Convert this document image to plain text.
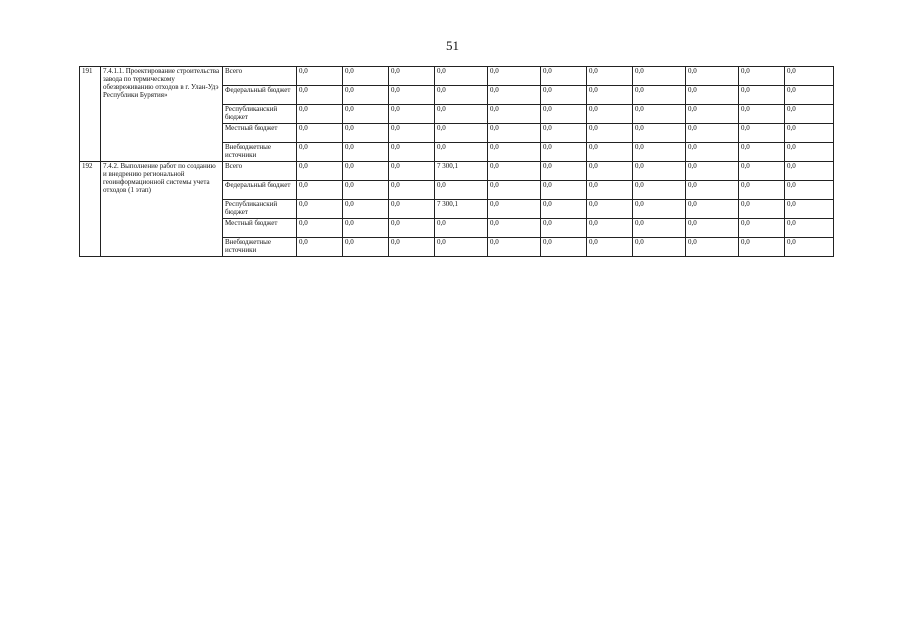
51
191	7.4.1.1. Проектирование строительства завода по термическому обезвреживанию отходов в г. Улан-Удэ Республики Бурятия»	Всего	0,0	0,0	0,0	0,0	0,0	0,0	0,0	0,0	0,0	0,0	0,0
		Федеральный бюджет	0,0	0,0	0,0	0,0	0,0	0,0	0,0	0,0	0,0	0,0	0,0
		Республиканский бюджет	0,0	0,0	0,0	0,0	0,0	0,0	0,0	0,0	0,0	0,0	0,0
		Местный бюджет	0,0	0,0	0,0	0,0	0,0	0,0	0,0	0,0	0,0	0,0	0,0
		Внебюджетные источники	0,0	0,0	0,0	0,0	0,0	0,0	0,0	0,0	0,0	0,0	0,0
192	7.4.2. Выполнение работ по созданию и внедрению региональной геоинформационной системы учета отходов (1 этап)	Всего	0,0	0,0	0,0	7 300,1	0,0	0,0	0,0	0,0	0,0	0,0	0,0
		Федеральный бюджет	0,0	0,0	0,0	0,0	0,0	0,0	0,0	0,0	0,0	0,0	0,0
		Республиканский бюджет	0,0	0,0	0,0	7 300,1	0,0	0,0	0,0	0,0	0,0	0,0	0,0
		Местный бюджет	0,0	0,0	0,0	0,0	0,0	0,0	0,0	0,0	0,0	0,0	0,0
		Внебюджетные источники	0,0	0,0	0,0	0,0	0,0	0,0	0,0	0,0	0,0	0,0	0,0
